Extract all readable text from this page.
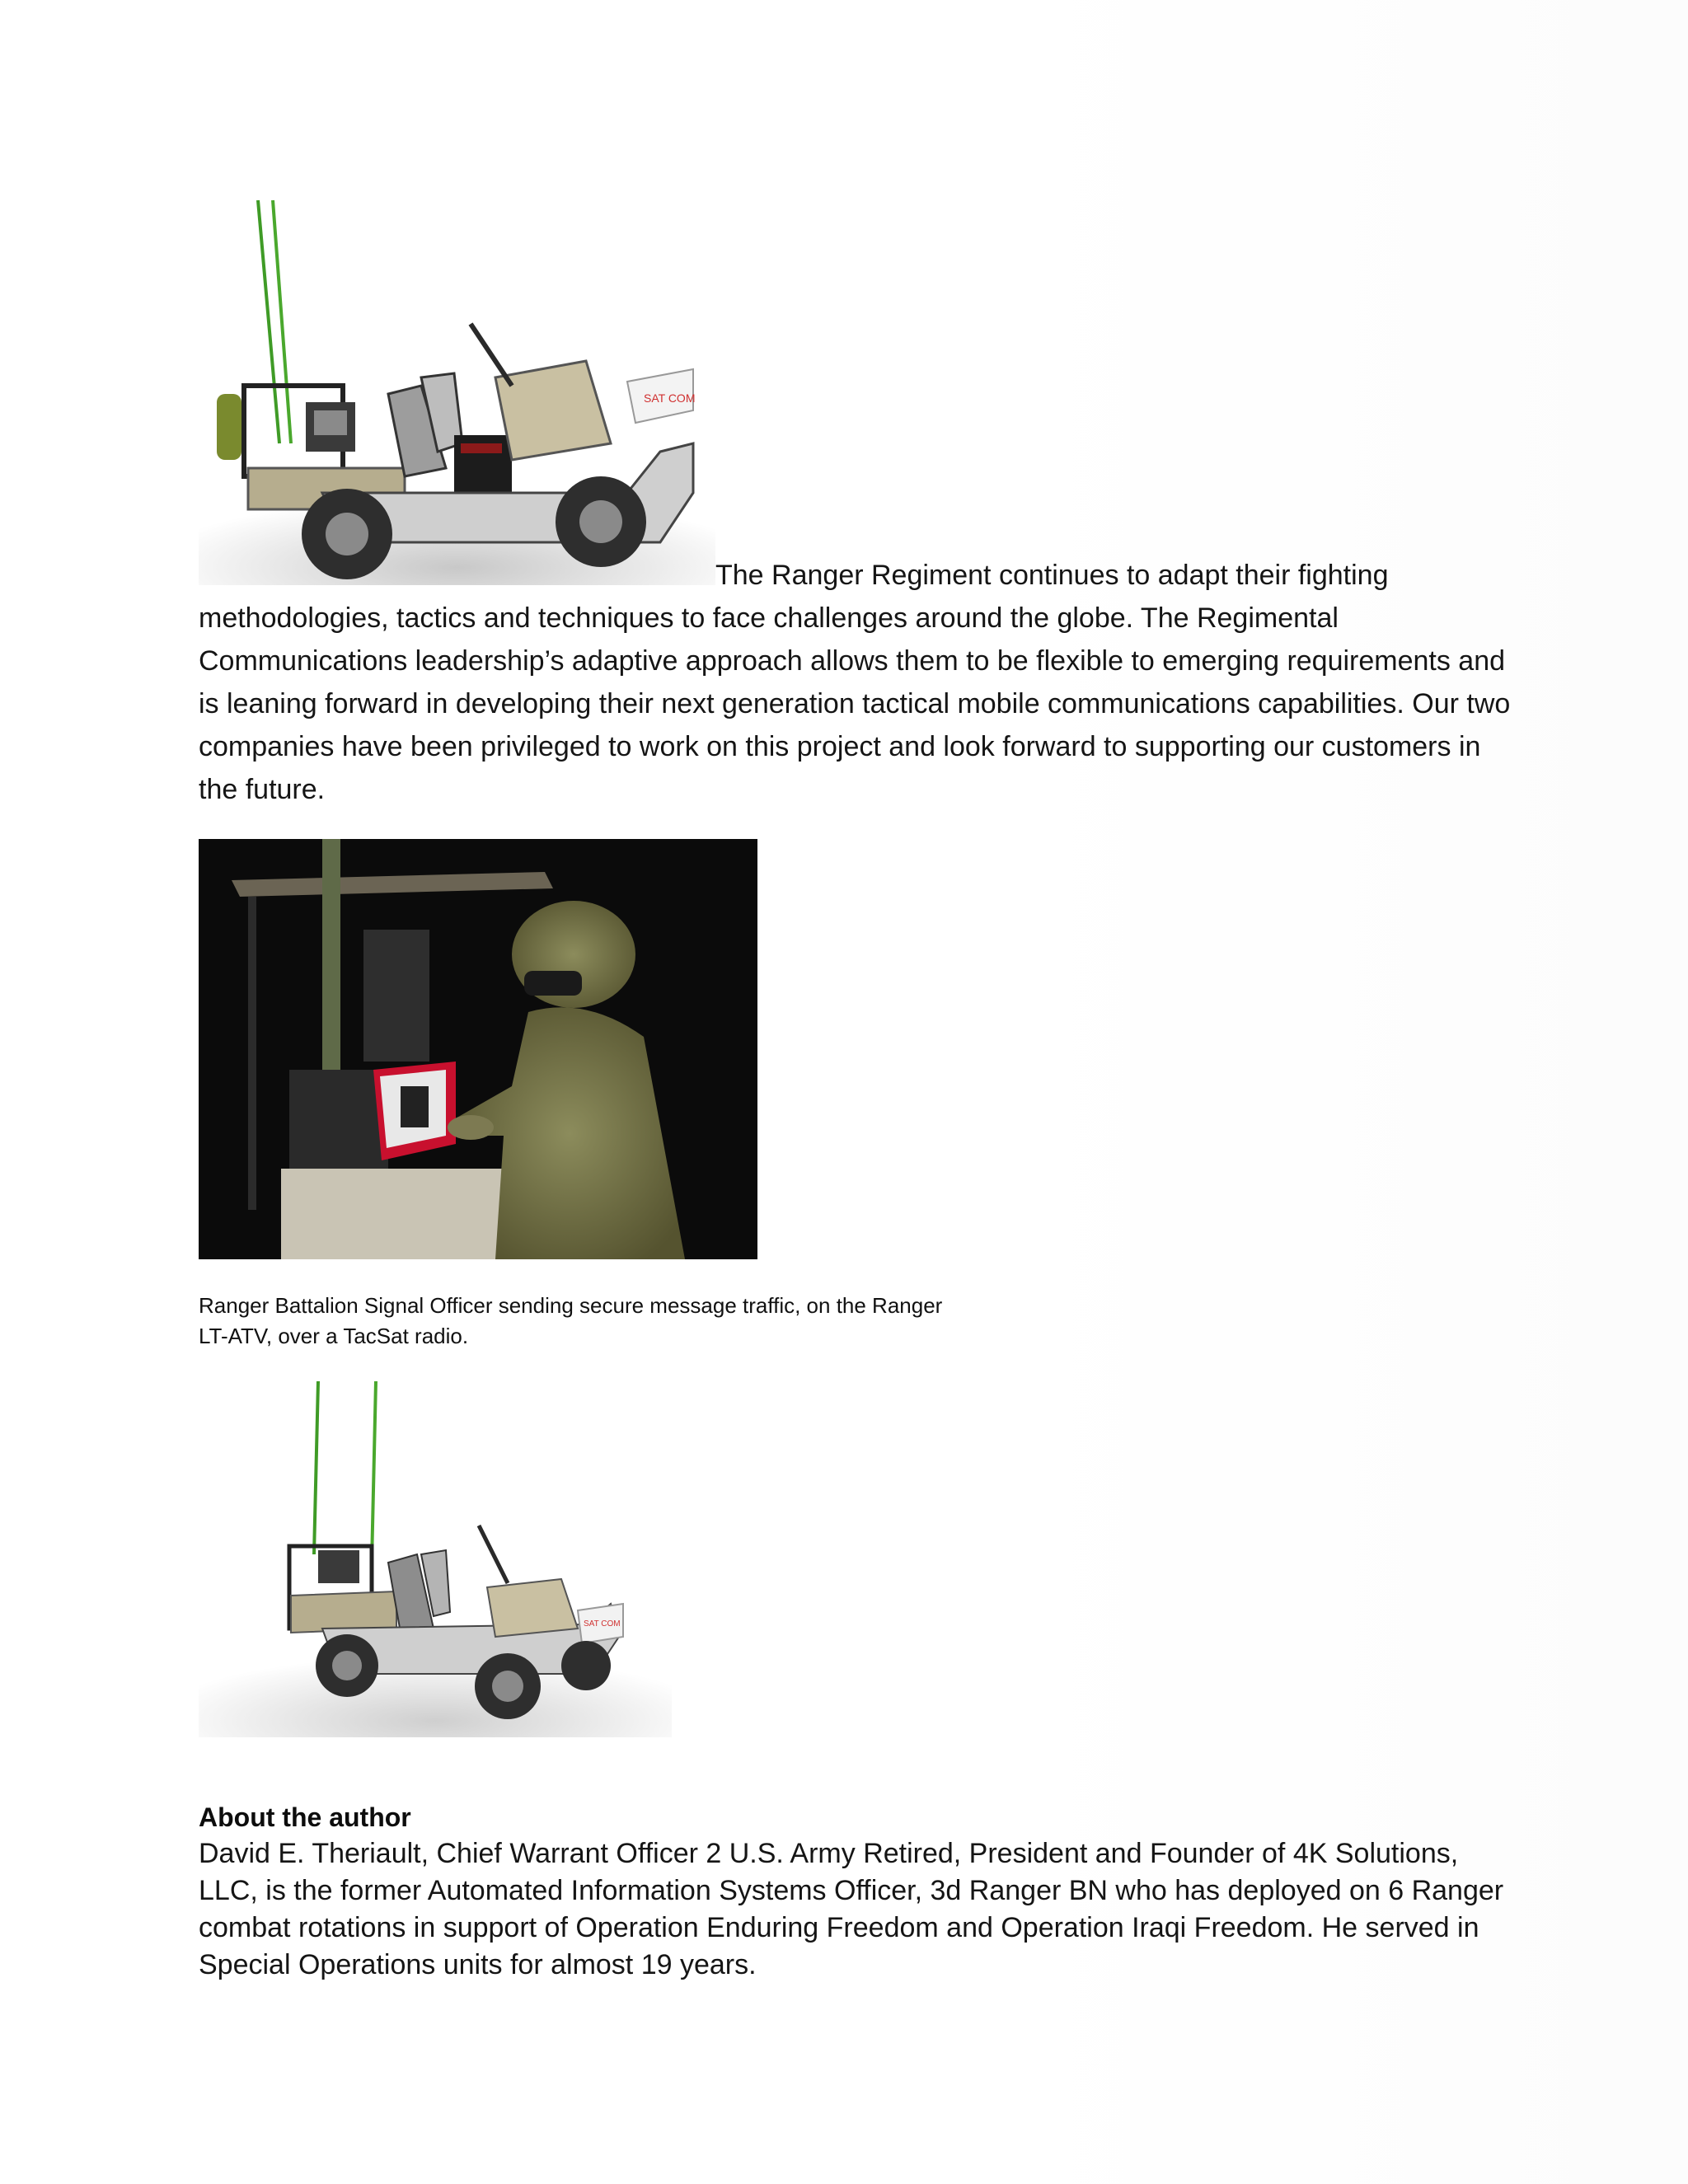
SAT COM
The Ranger Regiment continues to adapt their fighting
methodologies, tactics and techniques to face challenges around the globe. The Regimental Communications leadership’s adaptive approach allows them to be flexible to emerging requirements and is leaning forward in developing their next generation tactical mobile communications capabilities. Our two companies have been privileged to work on this project and look forward to supporting our customers in the future.
Ranger Battalion Signal Officer sending secure message traffic, on the Ranger
LT-ATV, over a TacSat radio.
SAT COM
About the author
David E. Theriault, Chief Warrant Officer 2 U.S. Army Retired, President and Founder of 4K Solutions, LLC, is the former Automated Information Systems Officer, 3d Ranger BN who has deployed on 6 Ranger combat rotations in support of Operation Enduring Freedom and Operation Iraqi Freedom. He served in Special Operations units for almost 19 years.
